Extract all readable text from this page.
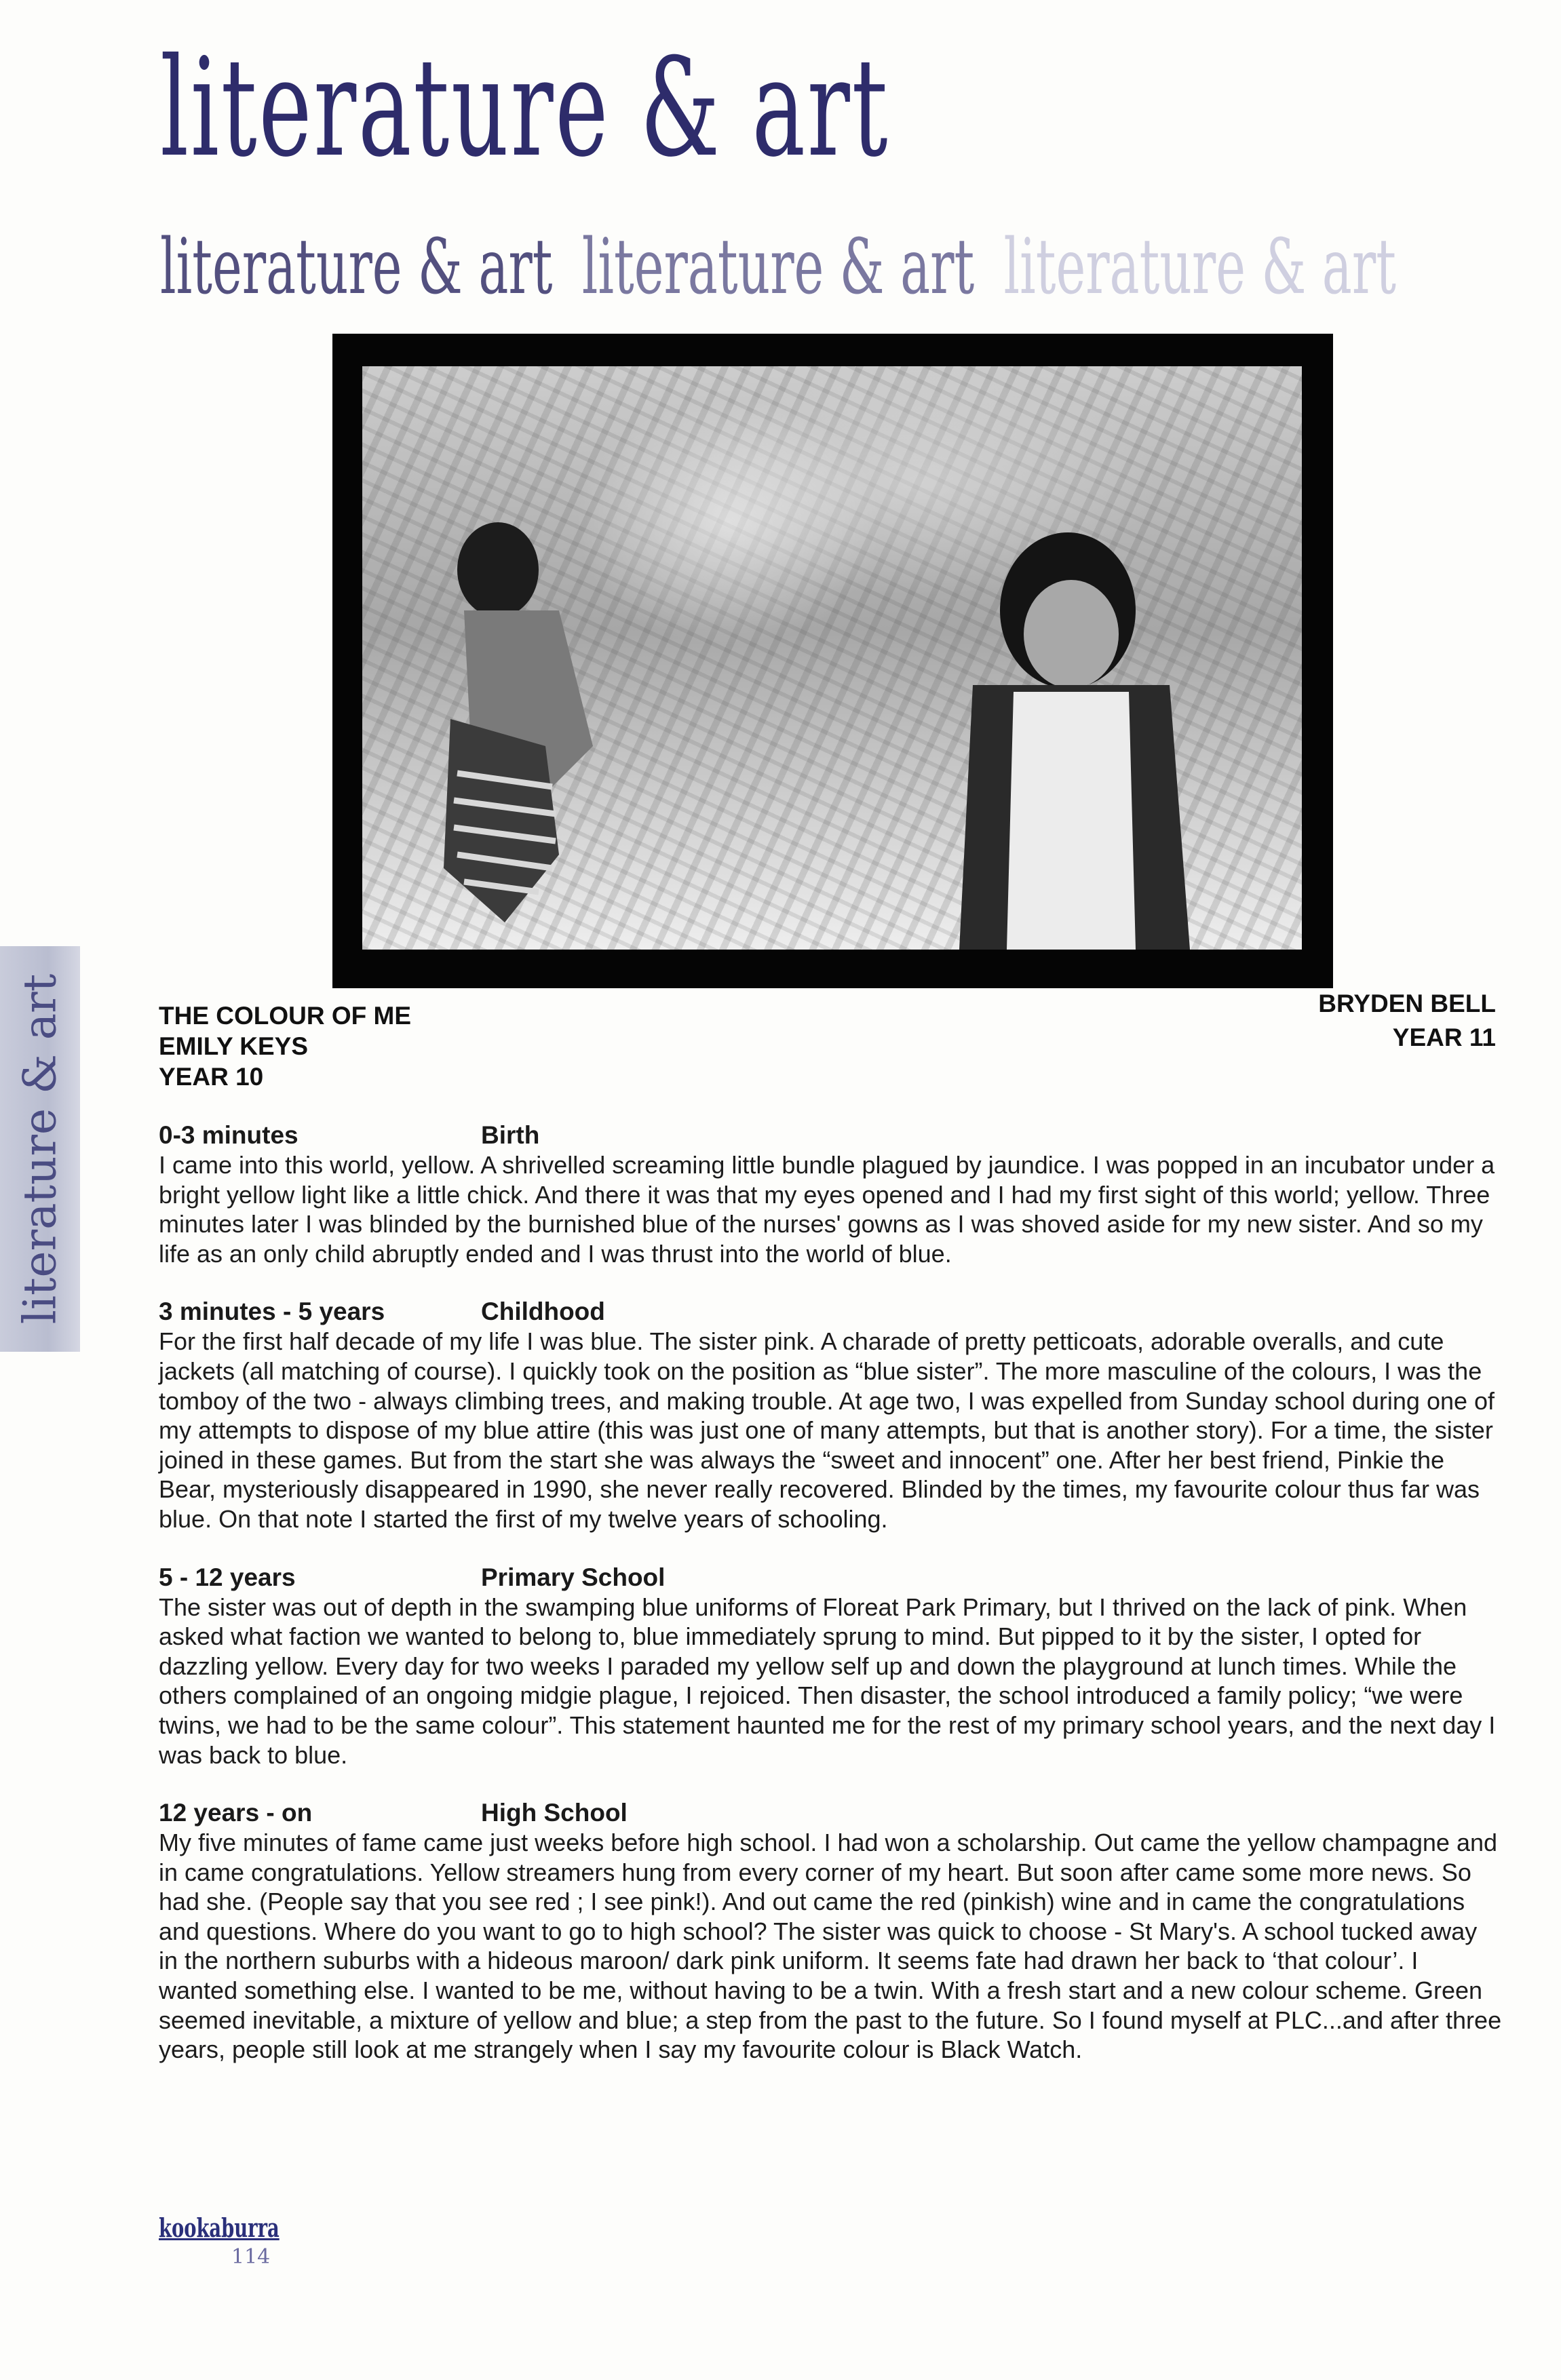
literature & art
literature & art literature & art literature & art
literature & art	BRYDEN BELL
YEAR 11
THE COLOUR OF ME
EMILY KEYS
YEAR 10
0-3 minutes	Birth
I came into this world, yellow. A shrivelled screaming little bundle plagued by jaundice. I was popped in an incubator under a bright yellow light like a little chick. And there it was that my eyes opened and I had my first sight of this world; yellow. Three minutes later I was blinded by the burnished blue of the nurses' gowns as I was shoved aside for my new sister. And so my life as an only child abruptly ended and I was thrust into the world of blue.
3 minutes - 5 years	Childhood
For the first half decade of my life I was blue. The sister pink. A charade of pretty petticoats, adorable overalls, and cute jackets (all matching of course). I quickly took on the position as “blue sister”. The more masculine of the colours, I was the tomboy of the two - always climbing trees, and making trouble. At age two, I was expelled from Sunday school during one of my attempts to dispose of my blue attire (this was just one of many attempts, but that is another story). For a time, the sister joined in these games. But from the start she was always the “sweet and innocent” one. After her best friend, Pinkie the Bear, mysteriously disappeared in 1990, she never really recovered. Blinded by the times, my favourite colour thus far was blue. On that note I started the first of my twelve years of schooling.
5 - 12 years	Primary School
The sister was out of depth in the swamping blue uniforms of Floreat Park Primary, but I thrived on the lack of pink. When asked what faction we wanted to belong to, blue immediately sprung to mind. But pipped to it by the sister, I opted for dazzling yellow. Every day for two weeks I paraded my yellow self up and down the playground at lunch times. While the others complained of an ongoing midgie plague, I rejoiced. Then disaster, the school introduced a family policy; “we were twins, we had to be the same colour”. This statement haunted me for the rest of my primary school years, and the next day I was back to blue.
12 years - on	High School
My five minutes of fame came just weeks before high school. I had won a scholarship. Out came the yellow champagne and in came congratulations. Yellow streamers hung from every corner of my heart. But soon after came some more news. So had she. (People say that you see red ; I see pink!). And out came the red (pinkish) wine and in came the congratulations and questions. Where do you want to go to high school? The sister was quick to choose - St Mary's. A school tucked away in the northern suburbs with a hideous maroon/ dark pink uniform. It seems fate had drawn her back to ‘that colour’. I wanted something else. I wanted to be me, without having to be a twin. With a fresh start and a new colour scheme. Green seemed inevitable, a mixture of yellow and blue; a step from the past to the future. So I found myself at PLC...and after three years, people still look at me strangely when I say my favourite colour is Black Watch.
kookaburra
114
